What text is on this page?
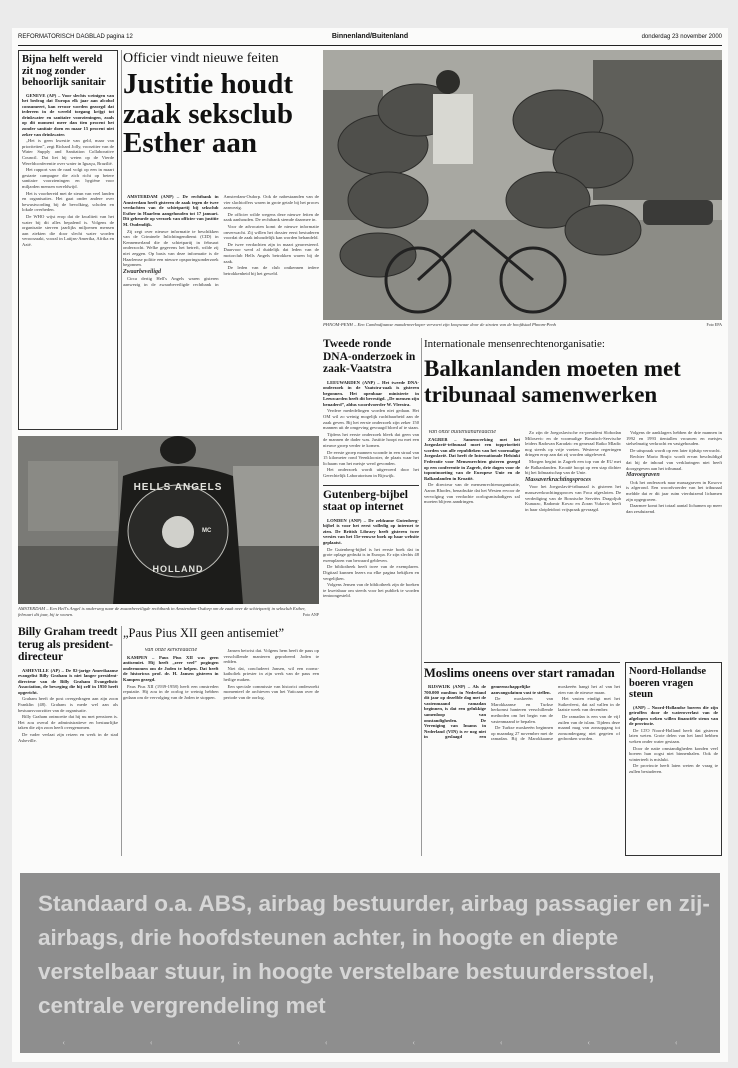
REFORMATORISCH DAGBLAD pagina 12	Binnenland/Buitenland	donderdag 23 november 2000
Bijna helft wereld zit nog zonder behoorlijk sanitair

GENEVE (AP) – Voor slechts weinigen van het bedrag dat Europa elk jaar aan alcohol consumeert, kan ervoor worden gezorgd dat iedereen in de wereld toegang krijgt tot drinkwater en sanitaire voorzieningen, zoals op dit moment meer dan tien procent het zonder sanitair doen en maar 15 procent niet zeker van drinkwater.

„Het is geen kwestie van geld, maar van prioriteiten”, zegt Richard Jolly, voorzitter van de Water Supply and Sanitation Collaborative Council. Dat liet hij weten op de Vierde Wereldconferentie over water in Iguaçu, Brazilië.

Het rapport van de raad volgt op een in maart gestarte campagne die zich richt op betere sanitaire voorzieningen en hygiëne voor miljarden mensen wereldwijd.

Het is voorbereid met de steun van veel landen en organisaties. Het gaat onder andere over bewustwording bij de bevolking, scholen en lokale overheden.

De WHO wijst erop dat de kwaliteit van het water bij dit alles bepalend is. Volgens de organisatie sterven jaarlijks miljoenen mensen aan ziekten die door slecht water worden veroorzaakt, vooral in Latijns-Amerika, Afrika en Azië.

Officier vindt nieuwe feiten
Justitie houdt zaak seksclub Esther aan

AMSTERDAM (ANP) – De rechtbank in Amsterdam heeft gisteren de zaak tegen de twee verdachten van de schietpartij bij seksclub Esther in Haarlem aangehouden tot 17 januari. Dit gebeurde op verzoek van officier van justitie M. Oudendijk.

Zij zegt over nieuwe informatie te beschikken van de Criminele Inlichtingendienst (CID) in Kennemerland die de schietpartij in februari onderzocht. Welke gegevens het betreft, wilde zij niet zeggen. Op basis van deze informatie is de Haarlemse politie een nieuwe opsporingsonderzoek begonnen.

Zwaarbeveiligd

Circa dertig Hell's Angels waren gisteren aanwezig in de zwaarbeveiligde rechtbank in Amsterdam-Osdorp. Ook de nabestaanden van de vier slachtoffers waren in grote getale bij het proces aanwezig.

De officier wilde wegens deze nieuwe feiten de zaak aanhouden. De rechtbank stemde daarmee in.

Voor de advocaten komt de nieuwe informatie onverwacht. Zij willen het dossier eerst bestuderen voordat de zaak inhoudelijk kan worden behandeld.

De twee verdachten zijn in maart gearresteerd. Daarvoor werd al duidelijk dat leden van de motorclub Hells Angels betrokken waren bij de zaak.

De leden van de club ontkennen iedere betrokkenheid bij het geweld.

PHNOM-PENH – Een Cambodjaanse mandenverkoper vervoert zijn koopwaar door de straten van de hoofdstad Phnom-Penh	Foto EPA
Tweede ronde DNA-onderzoek in zaak-Vaatstra

LEEUWARDEN (ANP) – Het tweede DNA-onderzoek in de Vaatstra-zaak is gisteren begonnen. Het openbaar ministerie in Leeuwarden heeft dit bevestigd. „De mensen zijn benaderd”, aldus woordvoerder W. Vleestra.

Verdere mededelingen worden niet gedaan. Het OM wil zo weinig mogelijk ruchtbaarheid aan de zaak geven. Bij het eerste onderzoek zijn zeker 150 mannen uit de omgeving gevraagd bloed af te staan.

Tijdens het eerste onderzoek bleek dat geen van de mannen de dader was. Justitie hoopt nu met een nieuwe groep verder te komen.

De eerste groep mannen woonde in een straal van 15 kilometer rond Veenklooster, de plaats waar het lichaam van het meisje werd gevonden.

Het onderzoek wordt uitgevoerd door het Gerechtelijk Laboratorium in Rijswijk.

Gutenberg-bijbel staat op internet

LONDEN (ANP) – De zeldzame Gutenberg-bijbel is voor het eerst volledig op internet te zien. De British Library heeft gisteren twee versies van het 15e-eeuwse boek op haar website geplaatst.

De Gutenberg-bijbel is het eerste boek dat in grote oplage gedrukt is in Europa. Er zijn slechts 48 exemplaren van bewaard gebleven.

De bibliotheek heeft twee van de exemplaren. Digitaal kunnen lezers nu elke pagina bekijken en vergelijken.

Volgens Jensen van de bibliotheek zijn de boeken te kwetsbaar om steeds voor het publiek te worden tentoongesteld.

Internationale mensenrechtenorganisatie:
Balkanlanden moeten met tribunaal samenwerken

Van onze buitenlandredactie

ZAGREB – Samenwerking met het Joegoslavië-tribunaal moet een topprioriteit worden van alle republieken van het voormalige Joegoslavië. Dat heeft de Internationale Helsinki Federatie voor Mensenrechten gisteren gezegd op een conferentie in Zagreb, drie dagen voor de topontmoeting van de Europese Unie en de Balkanlanden in Kroatië.

De directeur van de mensenrechtenorganisatie, Aaron Rhodes, benadrukte dat het Westen ervoor de vervolging van verdachte oorlogsmisdadigers zal moeten blijven aandringen.

Zo zijn de Joegoslavische ex-president Slobodan Milosevic en de voormalige Bosnisch-Servische leiders Radovan Karadzic en generaal Ratko Mladic nog steeds op vrije voeten. Westerse regeringen dringen erop aan dat zij worden uitgeleverd.

Morgen begint in Zagreb een top van de EU met de Balkanlanden. Kroatië hoopt op een stap dichter bij het lidmaatschap van de Unie.

Massaverkrachtingsproces

Voor het Joegoslavië-tribunaal is gisteren het massaverkrachtingsproces van Foca afgesloten. De verdediging van de Bosnische Serviërs Dragoljub Kunarac, Radomir Kovac en Zoran Vukovic heeft in haar slotpleidooi vrijspraak gevraagd.

Volgens de aanklagers hebben de drie mannen in 1992 en 1993 tientallen vrouwen en meisjes stelselmatig verkracht en vastgehouden.

De uitspraak wordt op een later tijdstip verwacht.

Rechter Mario Brujic wordt ervan beschuldigd dat hij de inhoud van verklaringen niet heeft doorgegeven aan het tribunaal.

Mavoegraven

Ook het onderzoek naar massagraven in Kosovo is afgerond. Een woordvoerder van het tribunaal meldde dat er dit jaar ruim vierduizend lichamen zijn opgegraven.

Daarmee komt het totaal aantal lichamen op meer dan zesduizend.

HELLS ANGELS
MC
HOLLAND
AMSTERDAM – Een Hell's Angel is onderweg naar de zwaarbeveiligde rechtbank in Amsterdam-Osdorp om de zaak over de schietpartij in seksclub Esther, februari dit jaar, bij te wonen.	Foto ANP
Billy Graham treedt terug als president-directeur

ASHEVILLE (AP) – De 82-jarige Amerikaanse evangelist Billy Graham is niet langer president-directeur van de Billy Graham Evangelistic Association, de beweging die hij zelf in 1950 heeft opgericht.

Graham heeft de post overgedragen aan zijn zoon Franklin (48). Graham is mede wel aan als bestuursvoorzitter van de organisatie.

Billy Graham ontmoette dat hij nu met pensioen is. Het zou overal de administratieve en bestuurlijke taken die zijn zoon heeft overgenomen.

De vader verlaat zijn reizen en werk in de stad Asheville.

„Paus Pius XII geen antisemiet”

Van onze kerkredactie

KAMPEN – Paus Pius XII was geen antisemiet. Hij heeft „zeer veel” pogingen ondernomen om de Joden te helpen. Dat heeft de historicus prof. dr. H. Jansen gisteren in Kampen gezegd.

Paus Pius XII (1939-1958) heeft een omstreden reputatie. Hij zou in de oorlog te weinig hebben gedaan om de vervolging van de Joden te stoppen.

Jansen betwist dat. Volgens hem heeft de paus op verschillende manieren geprobeerd Joden te redden.

Niet dat, concludeert Jansen, wil een rooms-katholiek priester in zijn werk van de paus een heilige maken.

Een speciale commissie van historici onderzoekt momenteel de archieven van het Vaticaan over de periode van de oorlog.

Moslims oneens over start ramadan

RIJSWIJK (ANP) – Als de 700.000 moslims in Nederland dit jaar op dezelfde dag met de vastenmaand ramadan beginnen, is dat een gelukkige samenloop van omstandigheden. De Vereniging van Imams in Nederland (VIN) is er nog niet in geslaagd een gemeenschappelijke aanvangsdatum vast te stellen.

De moskeeën van Marokkaanse en Turkse herkomst hanteren verschillende methoden om het begin van de vastenmaand te bepalen.

De Turkse moskeeën beginnen op maandag 27 november met de ramadan. Bij de Marokkaanse moskeeën hangt het af van het zien van de nieuwe maan.

Het vasten eindigt met het Suikerfeest, dat zal vallen in de laatste week van december.

De ramadan is een van de vijf zuilen van de islam. Tijdens deze maand mag van zonsopgang tot zonsondergang niet gegeten of gedronken worden.

Noord-Hollandse boeren vragen steun

(ANP) – Noord-Hollandse boeren die zijn getroffen door de wateroverlast van de afgelopen weken willen financiële steun van de provincie.

De LTO Noord-Holland heeft dat gisteren laten weten. Grote delen van het land hebben weken onder water gestaan.

Door de natte omstandigheden konden veel boeren hun oogst niet binnenhalen. Ook de winterteelt is mislukt.

De provincie heeft laten weten de vraag te zullen bestuderen.

Standaard o.a. ABS, airbag bestuurder, airbag passagier en zij-airbags, drie hoofdsteunen achter, in hoogte en diepte verstelbaar stuur, in hoogte verstelbare bestuurdersstoel, centrale vergrendeling met
‹	‹	‹	‹	‹	‹	‹	‹
